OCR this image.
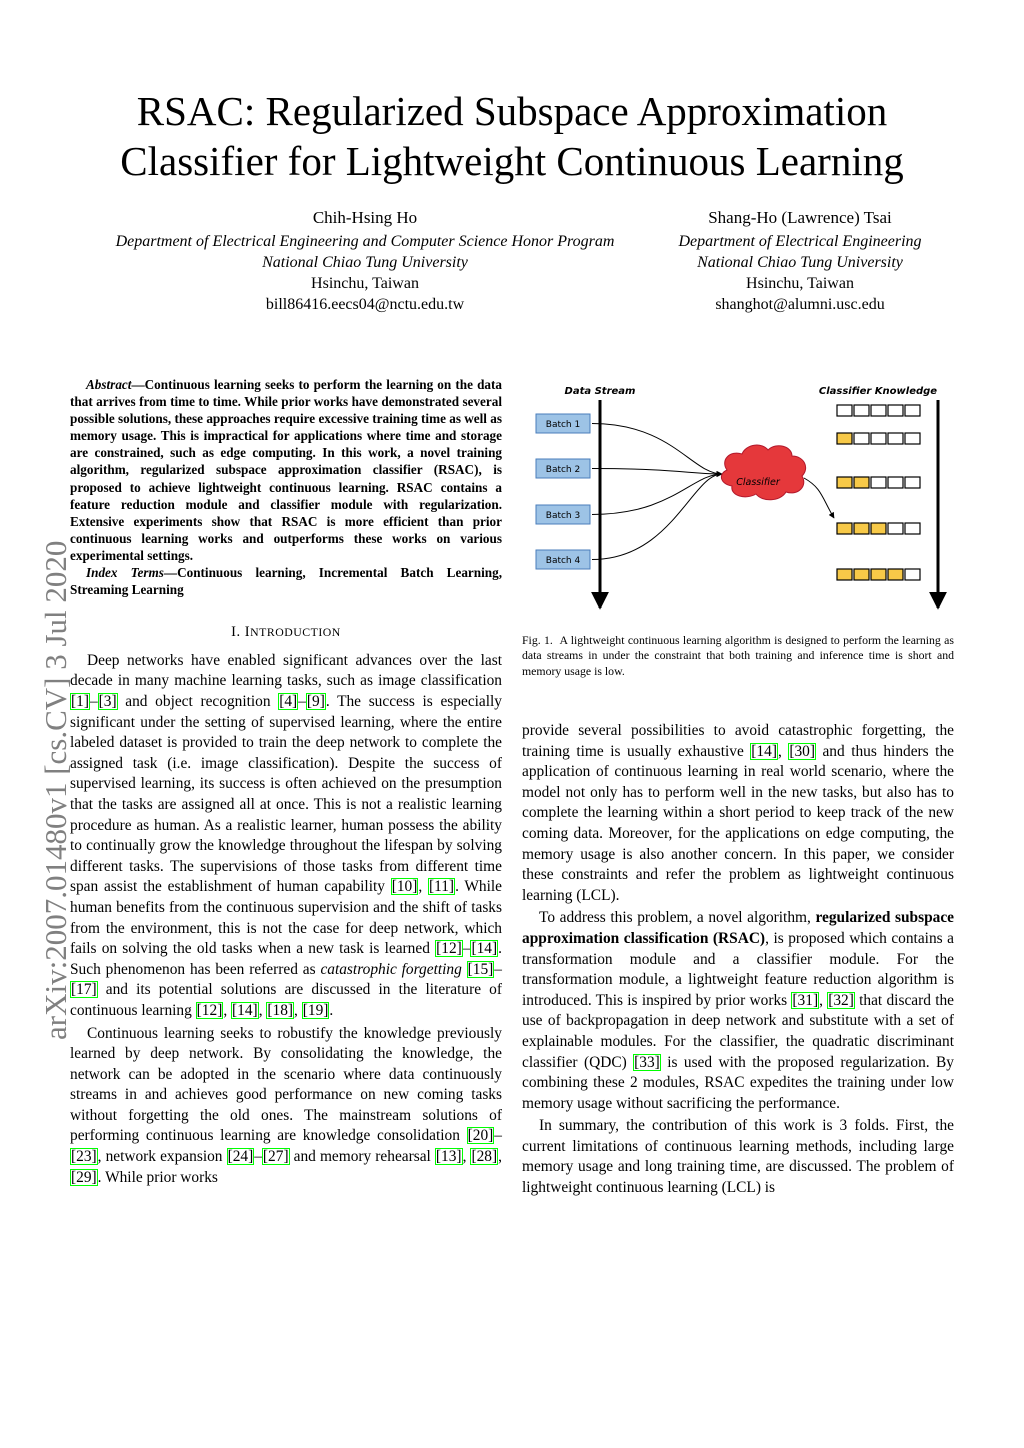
RSAC: Regularized Subspace Approximation
Classifier for Lightweight Continuous Learning
Chih-Hsing Ho
Department of Electrical Engineering and Computer Science Honor Program
National Chiao Tung University
Hsinchu, Taiwan
bill86416.eecs04@nctu.edu.tw
Shang-Ho (Lawrence) Tsai
Department of Electrical Engineering
National Chiao Tung University
Hsinchu, Taiwan
shanghot@alumni.usc.edu
arXiv:2007.01480v1 [cs.CV] 3 Jul 2020

Abstract—Continuous learning seeks to perform the learning on the data that arrives from time to time. While prior works have demonstrated several possible solutions, these approaches require excessive training time as well as memory usage. This is impractical for applications where time and storage are constrained, such as edge computing. In this work, a novel training algorithm, regularized subspace approximation classifier (RSAC), is proposed to achieve lightweight continuous learning. RSAC contains a feature reduction module and classifier module with regularization. Extensive experiments show that RSAC is more efficient than prior continuous learning works and outperforms these works on various experimental settings.

Index Terms—Continuous learning, Incremental Batch Learning, Streaming Learning

I. INTRODUCTION

Deep networks have enabled significant advances over the last decade in many machine learning tasks, such as image classification [1]–[3] and object recognition [4]–[9]. The success is especially significant under the setting of supervised learning, where the entire labeled dataset is provided to train the deep network to complete the assigned task (i.e. image classification). Despite the success of supervised learning, its success is often achieved on the presumption that the tasks are assigned all at once. This is not a realistic learning procedure as human. As a realistic learner, human possess the ability to continually grow the knowledge throughout the lifespan by solving different tasks. The supervisions of those tasks from different time span assist the establishment of human capability [10], [11]. While human benefits from the continuous supervision and the shift of tasks from the environment, this is not the case for deep network, which fails on solving the old tasks when a new task is learned [12]–[14]. Such phenomenon has been referred as catastrophic forgetting [15]–[17] and its potential solutions are discussed in the literature of continuous learning [12], [14], [18], [19].

Continuous learning seeks to robustify the knowledge previously learned by deep network. By consolidating the knowledge, the network can be adopted in the scenario where data continuously streams in and achieves good performance on new coming tasks without forgetting the old ones. The mainstream solutions of performing continuous learning are knowledge consolidation [20]–[23], network expansion [24]–[27] and memory rehearsal [13], [28], [29]. While prior works

Data Stream	Classifier Knowledge
Batch 1
Batch 2
Batch 3
Batch 4
Classifier
Fig. 1. A lightweight continuous learning algorithm is designed to perform the learning as data streams in under the constraint that both training and inference time is short and memory usage is low.

provide several possibilities to avoid catastrophic forgetting, the training time is usually exhaustive [14], [30] and thus hinders the application of continuous learning in real world scenario, where the model not only has to perform well in the new tasks, but also has to complete the learning within a short period to keep track of the new coming data. Moreover, for the applications on edge computing, the memory usage is also another concern. In this paper, we consider these constraints and refer the problem as lightweight continuous learning (LCL).

To address this problem, a novel algorithm, regularized subspace approximation classification (RSAC), is proposed which contains a transformation module and a classifier module. For the transformation module, a lightweight feature reduction algorithm is introduced. This is inspired by prior works [31], [32] that discard the use of backpropagation in deep network and substitute with a set of explainable modules. For the classifier, the quadratic discriminant classifier (QDC) [33] is used with the proposed regularization. By combining these 2 modules, RSAC expedites the training under low memory usage without sacrificing the performance.

In summary, the contribution of this work is 3 folds. First, the current limitations of continuous learning methods, including large memory usage and long training time, are discussed. The problem of lightweight continuous learning (LCL) is
